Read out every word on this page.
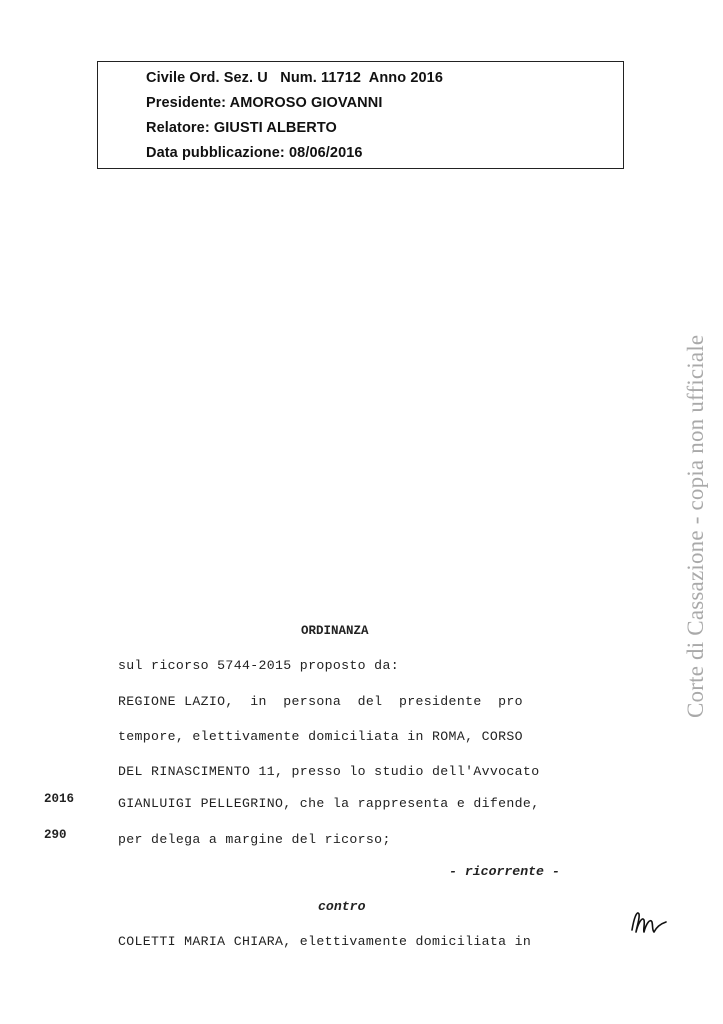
Civile Ord. Sez. U   Num. 11712  Anno 2016
Presidente: AMOROSO GIOVANNI
Relatore: GIUSTI ALBERTO
Data pubblicazione: 08/06/2016
Corte di Cassazione - copia non ufficiale
ORDINANZA
sul ricorso 5744-2015 proposto da:
REGIONE LAZIO,  in  persona  del  presidente  pro
tempore, elettivamente domiciliata in ROMA, CORSO
DEL RINASCIMENTO 11, presso lo studio dell'Avvocato
GIANLUIGI PELLEGRINO, che la rappresenta e difende,
per delega a margine del ricorso;
2016
290
- ricorrente -
contro
COLETTI MARIA CHIARA, elettivamente domiciliata in
